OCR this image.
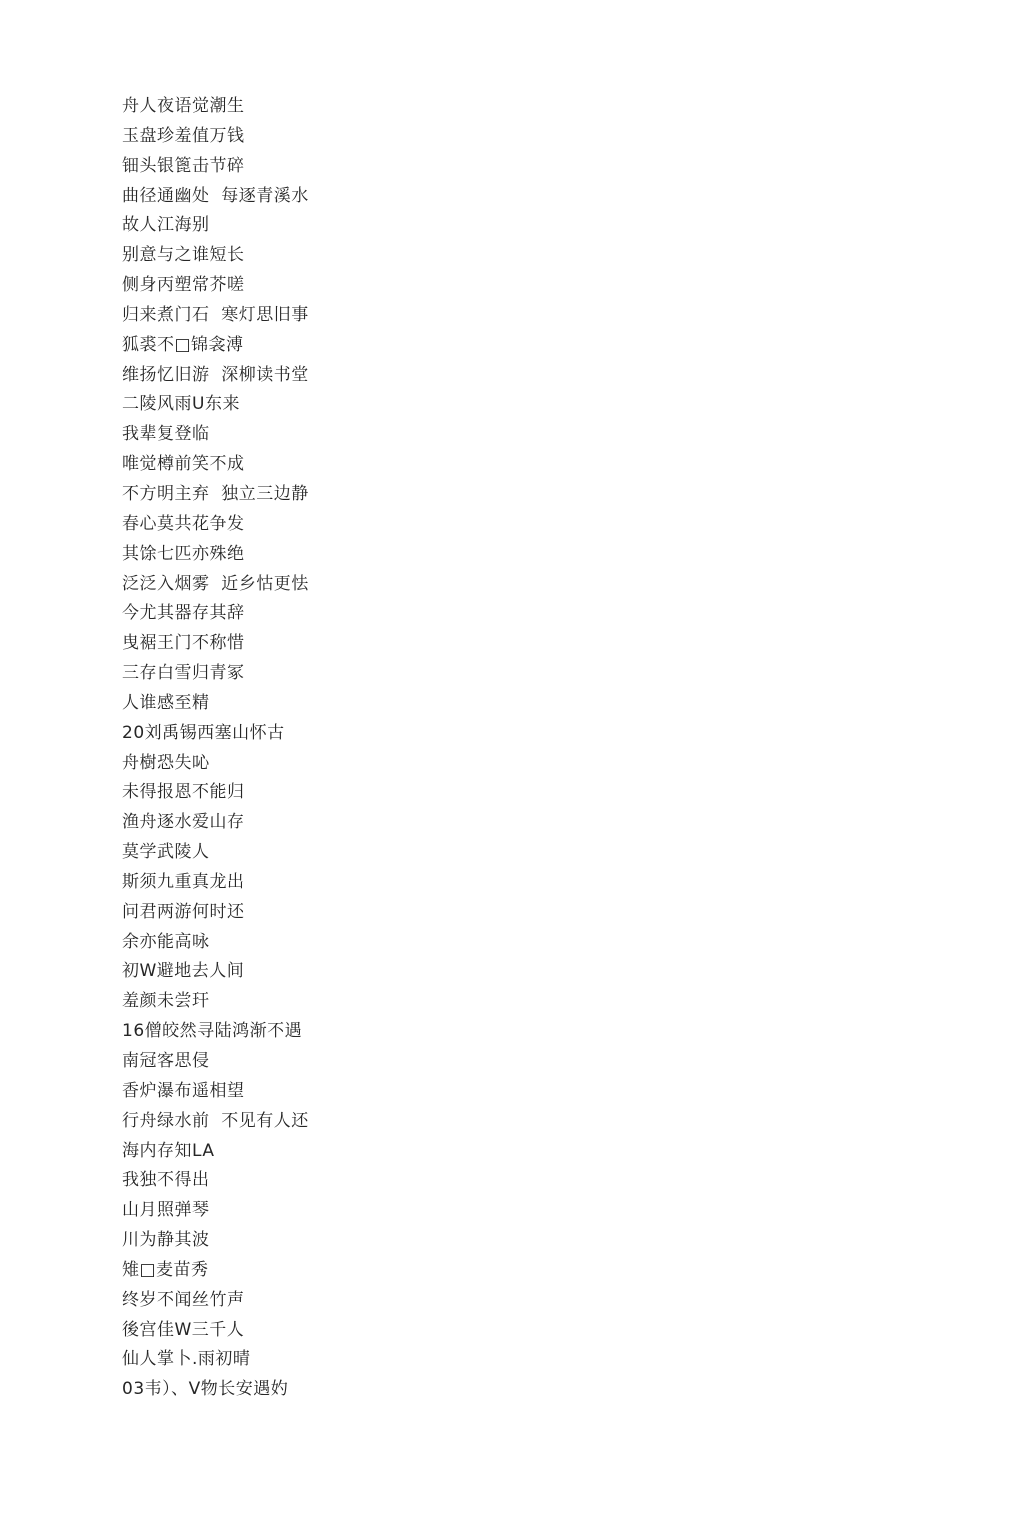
舟人夜语觉潮生
玉盘珍羞值万钱
钿头银篦击节碎
曲径通幽处  每逐青溪水
故人江海别
别意与之谁短长
侧身丙塑常芥嗟
归来煮门石  寒灯思旧事
狐裘不□锦衾溥
维扬忆旧游  深柳读书堂
二陵风雨U东来
我辈复登临
唯觉樽前笑不成
不方明主弃  独立三边静
春心莫共花争发
其馀七匹亦殊绝
泛泛入烟雾  近乡怙更怯
今尤其器存其辞
曳裾王门不称惜
三存白雪归青冢
人谁感至精
20刘禹锡西塞山怀古
舟樹恐失吣
未得报恩不能归
渔舟逐水爱山存
莫学武陵人
斯须九重真龙出
问君两游何时还
余亦能高咏
初W避地去人间
羞颜未尝玕
16僧皎然寻陆鸿渐不遇
南冠客思侵
香炉瀑布遥相望
行舟绿水前  不见有人还
海内存知LA
我独不得出
山月照弹琴
川为静其波
雉□麦苗秀
终岁不闻丝竹声
後宫佳W三千人
仙人掌卜.雨初晴
03韦）、V物长安遇妁
